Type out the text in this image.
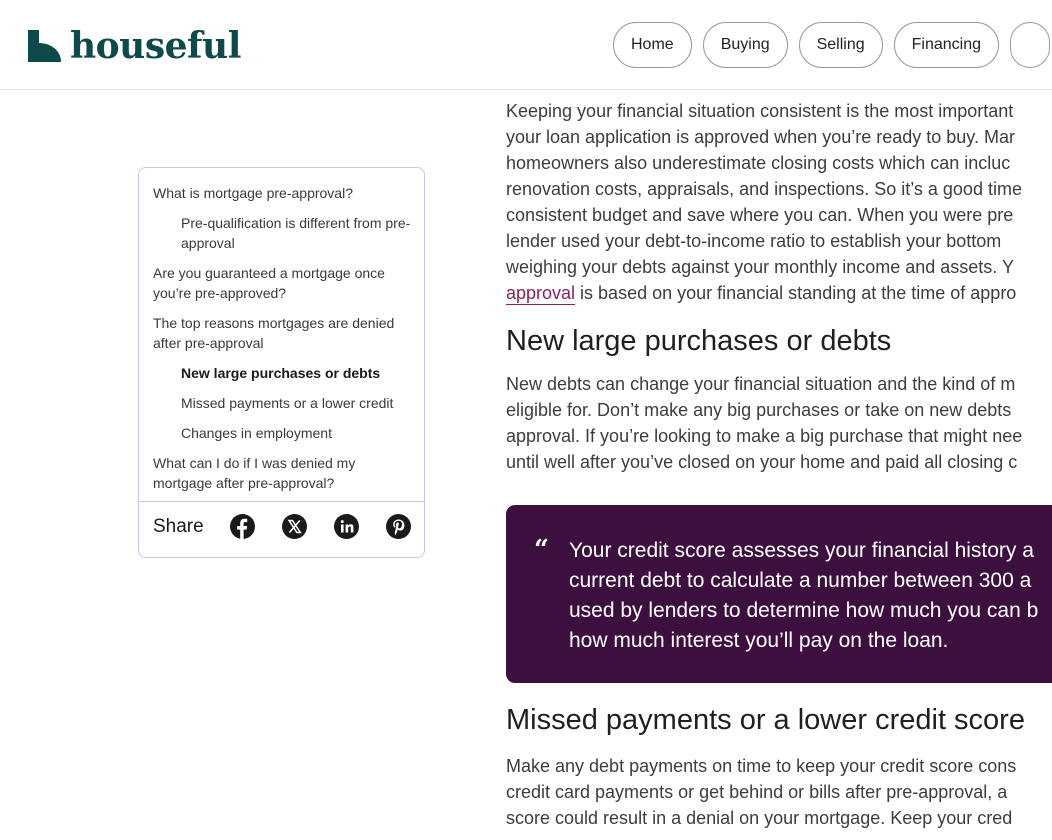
houseful	Home	Buying	Selling	Financing
What is mortgage pre-approval?
Pre-qualification is different from pre-approval
Are you guaranteed a mortgage once you’re pre-approved?
The top reasons mortgages are denied after pre-approval
New large purchases or debts
Missed payments or a lower credit
Changes in employment
What can I do if I was denied my mortgage after pre-approval?
Share
Keeping your financial situation consistent is the most important
your loan application is approved when you’re ready to buy. Mar
homeowners also underestimate closing costs which can incluc
renovation costs, appraisals, and inspections. So it’s a good time
consistent budget and save where you can. When you were pre
lender used your debt-to-income ratio to establish your bottom
weighing your debts against your monthly income and assets. Y
approval is based on your financial standing at the time of appro
New large purchases or debts
New debts can change your financial situation and the kind of m
eligible for. Don’t make any big purchases or take on new debts
approval. If you’re looking to make a big purchase that might nee
until well after you’ve closed on your home and paid all closing c
“ Your credit score assesses your financial history a
current debt to calculate a number between 300 a
used by lenders to determine how much you can b
how much interest you’ll pay on the loan.
Missed payments or a lower credit score
Make any debt payments on time to keep your credit score cons
credit card payments or get behind or bills after pre-approval, a
score could result in a denial on your mortgage. Keep your cred
